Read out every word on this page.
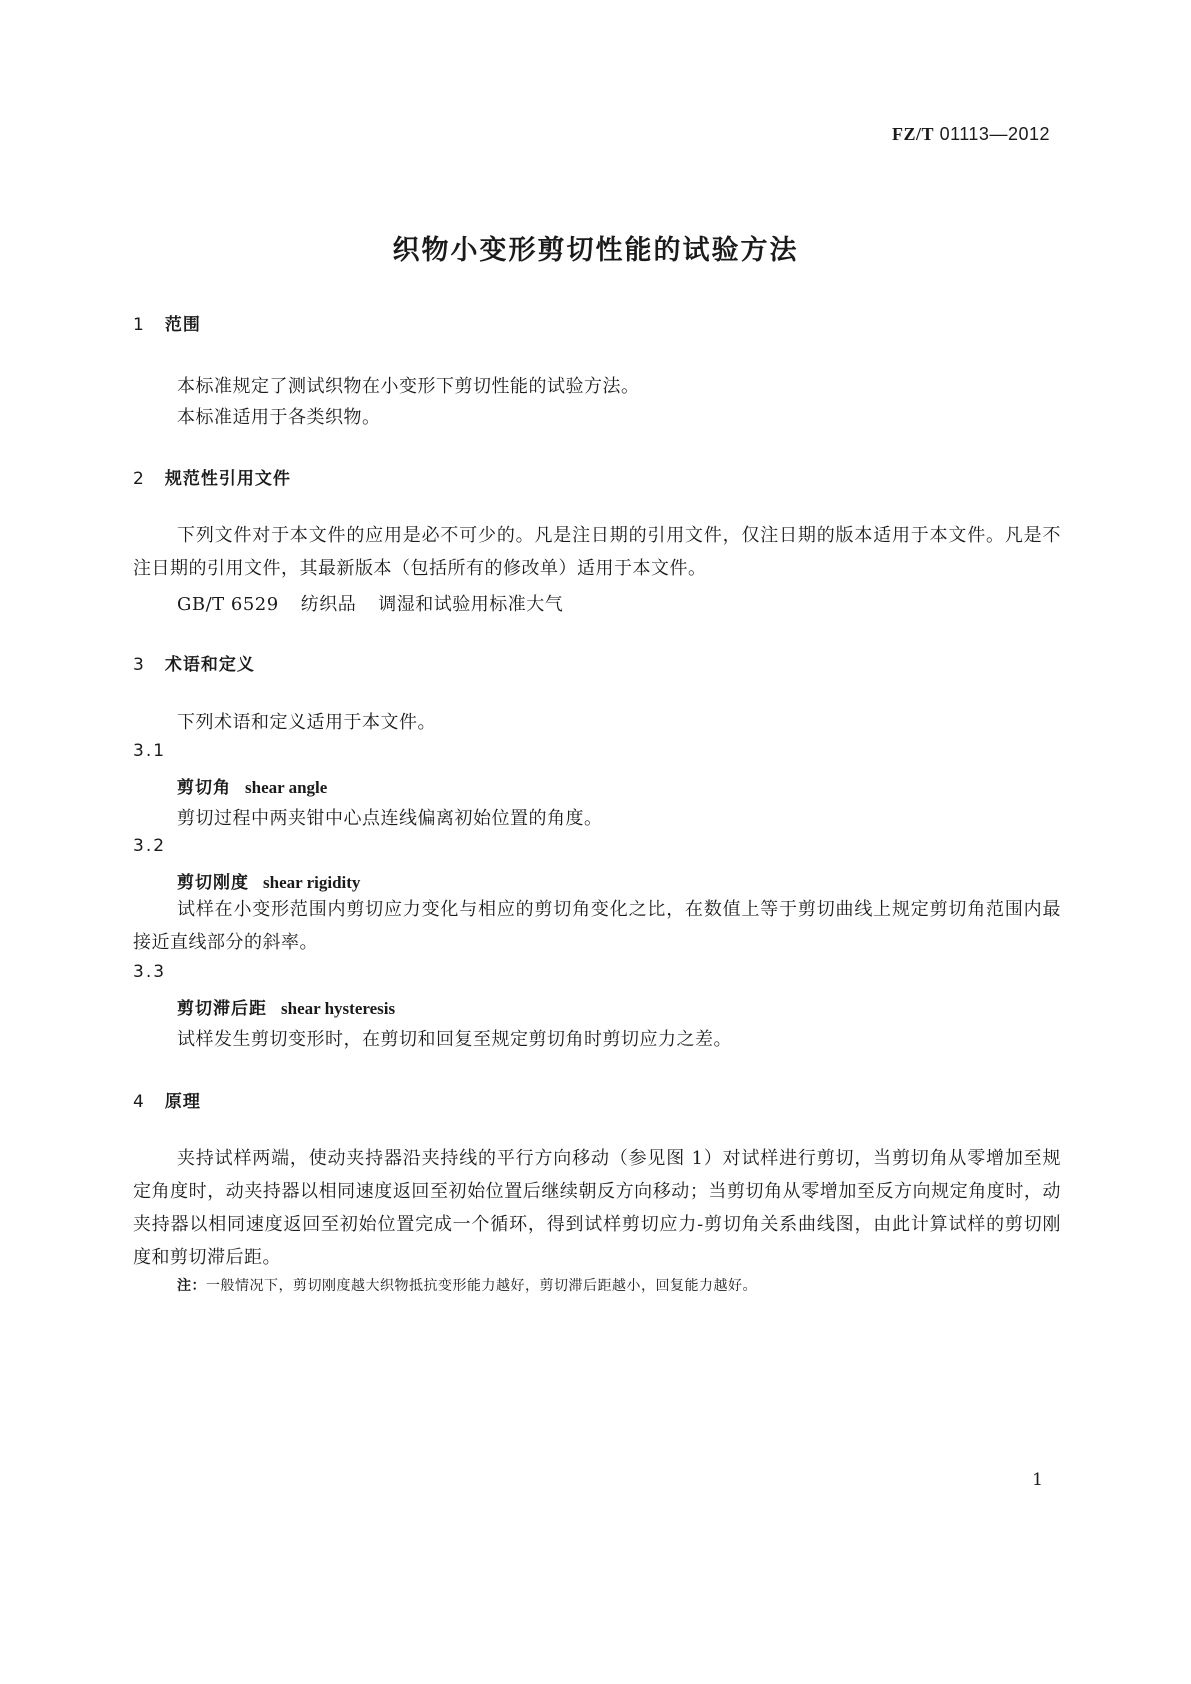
FZ/T 01113—2012
织物小变形剪切性能的试验方法
1 范围
本标准规定了测试织物在小变形下剪切性能的试验方法。
本标准适用于各类织物。
2 规范性引用文件
下列文件对于本文件的应用是必不可少的。凡是注日期的引用文件，仅注日期的版本适用于本文件。凡是不注日期的引用文件，其最新版本（包括所有的修改单）适用于本文件。
GB/T 6529 纺织品 调湿和试验用标准大气
3 术语和定义
下列术语和定义适用于本文件。
3.1
剪切角 shear angle
剪切过程中两夹钳中心点连线偏离初始位置的角度。
3.2
剪切刚度 shear rigidity
试样在小变形范围内剪切应力变化与相应的剪切角变化之比，在数值上等于剪切曲线上规定剪切角范围内最接近直线部分的斜率。
3.3
剪切滞后距 shear hysteresis
试样发生剪切变形时，在剪切和回复至规定剪切角时剪切应力之差。
4 原理
夹持试样两端，使动夹持器沿夹持线的平行方向移动（参见图 1）对试样进行剪切，当剪切角从零增加至规定角度时，动夹持器以相同速度返回至初始位置后继续朝反方向移动；当剪切角从零增加至反方向规定角度时，动夹持器以相同速度返回至初始位置完成一个循环，得到试样剪切应力-剪切角关系曲线图，由此计算试样的剪切刚度和剪切滞后距。
注：一般情况下，剪切刚度越大织物抵抗变形能力越好，剪切滞后距越小，回复能力越好。
1
